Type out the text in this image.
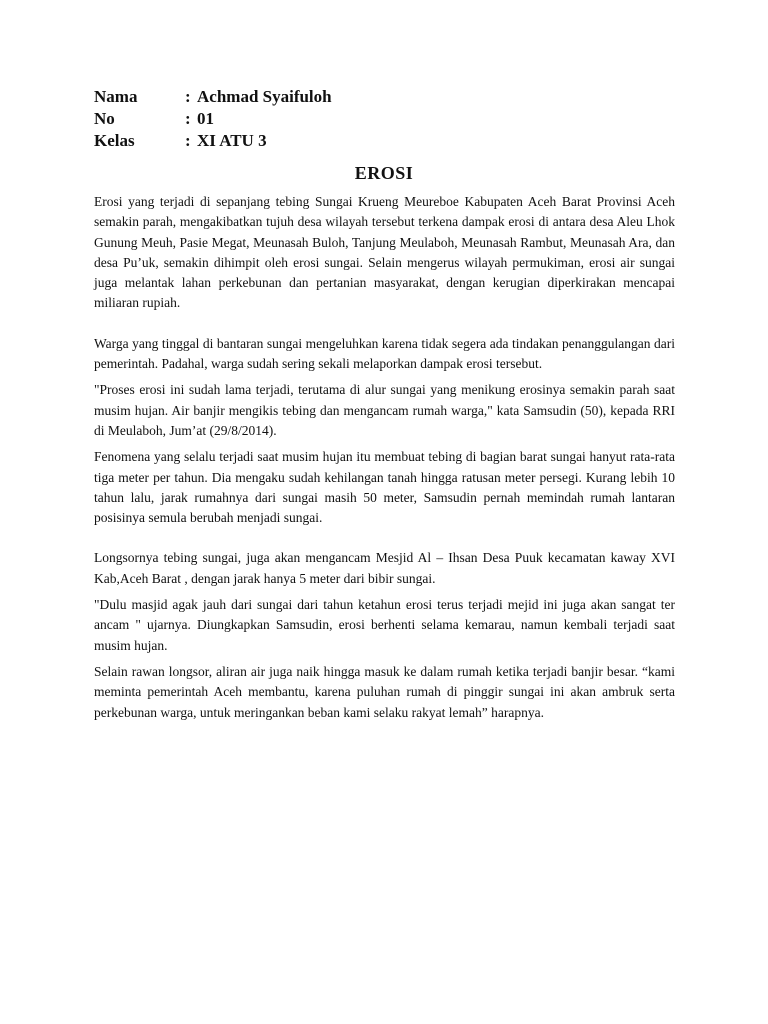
Nama	: Achmad Syaifuloh
No	: 01
Kelas	: XI ATU 3
EROSI

Erosi yang terjadi di sepanjang tebing Sungai Krueng Meureboe Kabupaten Aceh Barat Provinsi Aceh semakin parah, mengakibatkan tujuh desa wilayah tersebut terkena dampak erosi di antara desa Aleu Lhok Gunung Meuh, Pasie Megat, Meunasah Buloh, Tanjung Meulaboh, Meunasah Rambut, Meunasah Ara, dan desa Pu’uk, semakin dihimpit oleh erosi sungai. Selain mengerus wilayah permukiman, erosi air sungai juga melantak lahan perkebunan dan pertanian masyarakat, dengan kerugian diperkirakan mencapai miliaran rupiah.

Warga yang tinggal di bantaran sungai mengeluhkan karena tidak segera ada tindakan penanggulangan dari pemerintah. Padahal, warga sudah sering sekali melaporkan dampak erosi tersebut.

"Proses erosi ini sudah lama terjadi, terutama di alur sungai yang menikung erosinya semakin parah saat musim hujan. Air banjir mengikis tebing dan mengancam rumah warga," kata Samsudin (50), kepada RRI di Meulaboh, Jum’at (29/8/2014).

Fenomena yang selalu terjadi saat musim hujan itu membuat tebing di bagian barat sungai hanyut rata-rata tiga meter per tahun. Dia mengaku sudah kehilangan tanah hingga ratusan meter persegi. Kurang lebih 10 tahun lalu, jarak rumahnya dari sungai masih 50 meter, Samsudin pernah memindah rumah lantaran posisinya semula berubah menjadi sungai.

Longsornya tebing sungai, juga akan mengancam Mesjid Al – Ihsan Desa Puuk kecamatan kaway XVI Kab,Aceh Barat , dengan jarak hanya 5 meter dari bibir sungai.

"Dulu masjid agak jauh dari sungai dari tahun ketahun erosi terus terjadi mejid ini juga akan sangat ter ancam " ujarnya. Diungkapkan Samsudin, erosi berhenti selama kemarau, namun kembali terjadi saat musim hujan.

Selain rawan longsor, aliran air juga naik hingga masuk ke dalam rumah ketika terjadi banjir besar. “kami meminta pemerintah Aceh membantu, karena puluhan rumah di pinggir sungai ini akan ambruk serta perkebunan warga, untuk meringankan beban kami selaku rakyat lemah” harapnya.
